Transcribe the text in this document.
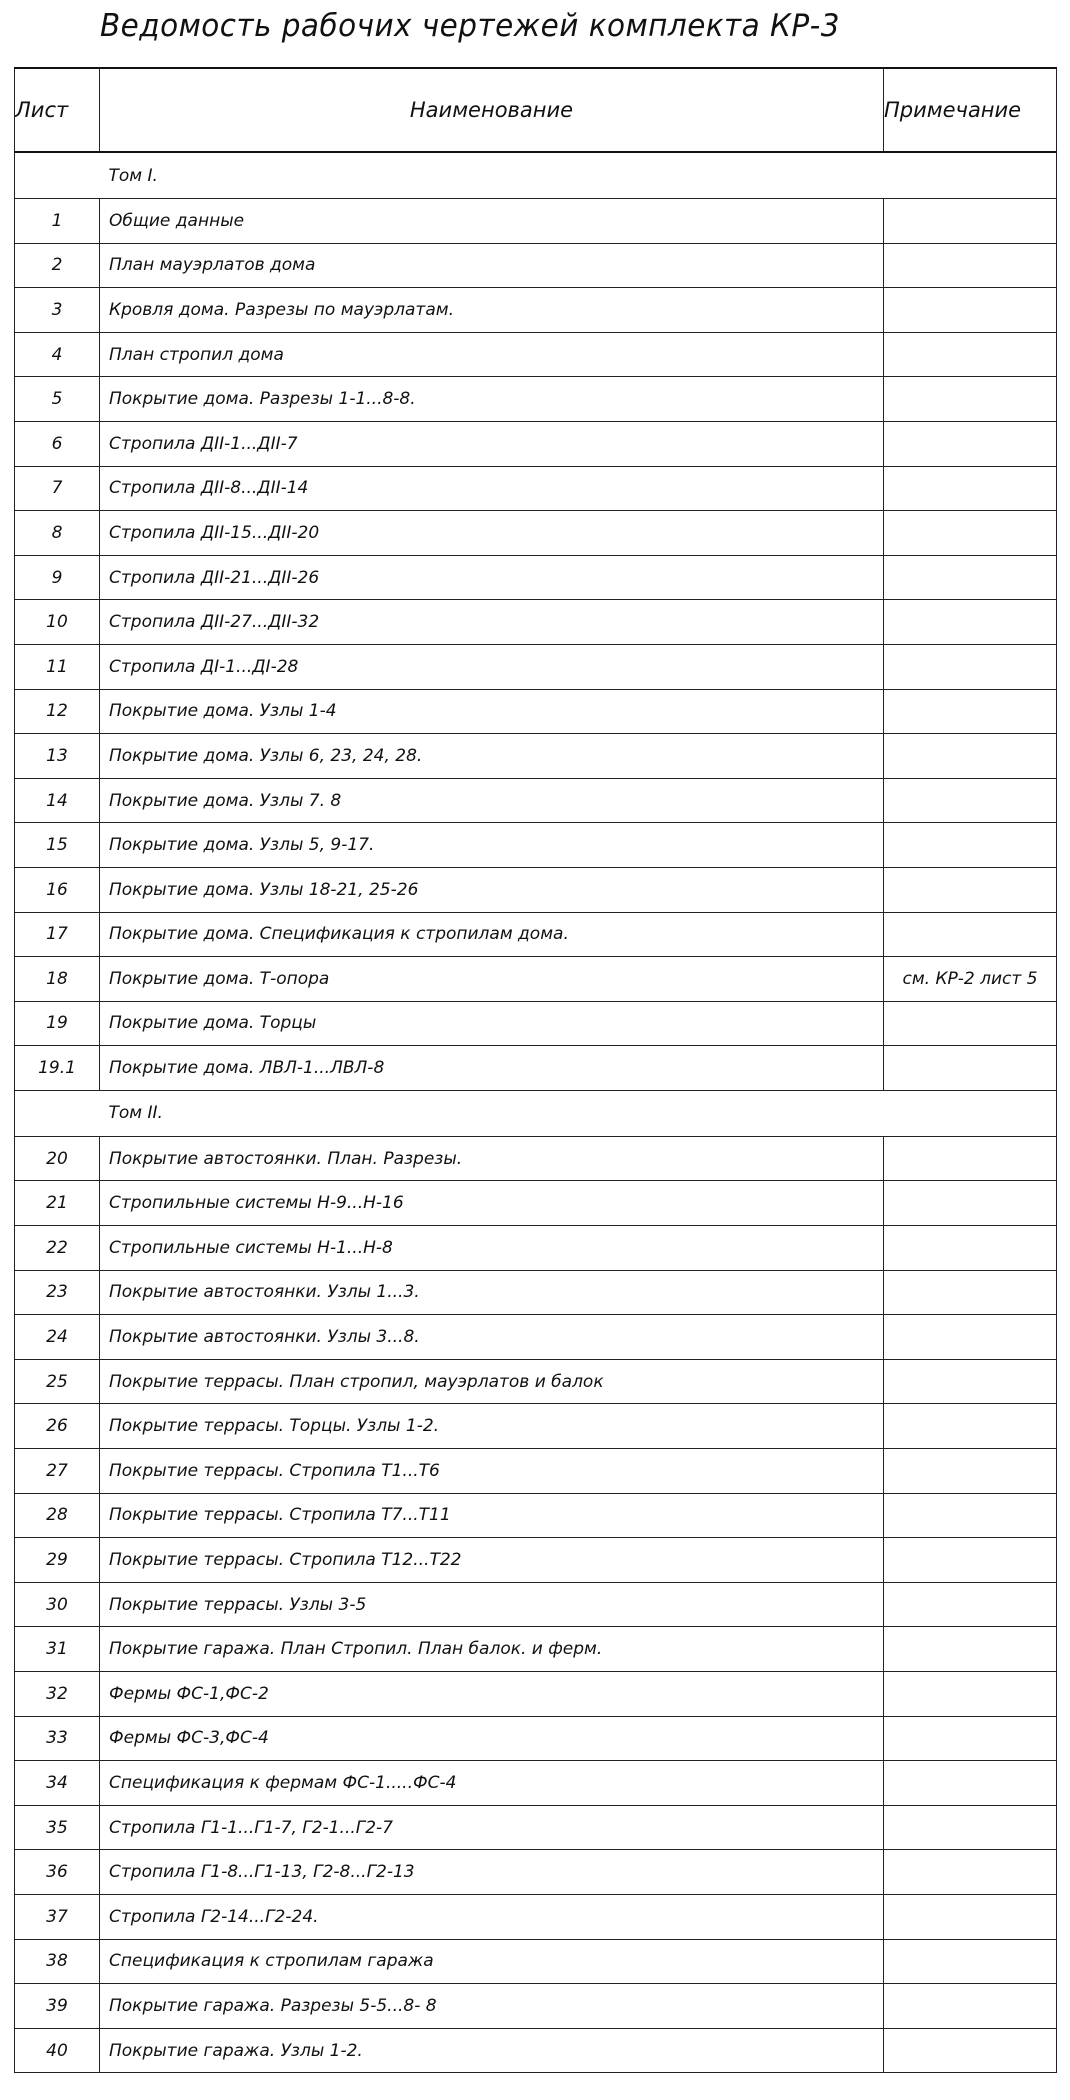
Ведомость рабочих чертежей комплекта КР-3
Лист	Наименование	Примечание
	Том I.	
1	Общие данные	
2	План мауэрлатов дома	
3	Кровля дома. Разрезы по мауэрлатам.	
4	План стропил дома	
5	Покрытие дома. Разрезы 1-1...8-8.	
6	Стропила ДII-1...ДII-7	
7	Стропила ДII-8...ДII-14	
8	Стропила ДII-15...ДII-20	
9	Стропила ДII-21...ДII-26	
10	Стропила ДII-27...ДII-32	
11	Стропила ДI-1...ДI-28	
12	Покрытие дома. Узлы 1-4	
13	Покрытие дома. Узлы 6, 23, 24, 28.	
14	Покрытие дома. Узлы 7. 8	
15	Покрытие дома. Узлы 5, 9-17.	
16	Покрытие дома. Узлы 18-21, 25-26	
17	Покрытие дома. Спецификация к стропилам дома.	
18	Покрытие дома. Т-опора	см. КР-2 лист 5
19	Покрытие дома. Торцы	
19.1	Покрытие дома. ЛВЛ-1...ЛВЛ-8	
	Том II.	
20	Покрытие автостоянки. План. Разрезы.	
21	Стропильные системы Н-9...Н-16	
22	Стропильные системы Н-1...Н-8	
23	Покрытие автостоянки. Узлы 1...3.	
24	Покрытие автостоянки. Узлы 3...8.	
25	Покрытие террасы. План стропил, мауэрлатов и балок	
26	Покрытие террасы. Торцы. Узлы 1-2.	
27	Покрытие террасы. Стропила Т1...Т6	
28	Покрытие террасы. Стропила Т7...Т11	
29	Покрытие террасы. Стропила Т12...Т22	
30	Покрытие террасы. Узлы 3-5	
31	Покрытие гаража. План Стропил. План балок. и ферм.	
32	Фермы ФС-1,ФС-2	
33	Фермы ФС-3,ФС-4	
34	Спецификация к фермам ФС-1.....ФС-4	
35	Стропила Г1-1...Г1-7, Г2-1...Г2-7	
36	Стропила Г1-8...Г1-13, Г2-8...Г2-13	
37	Стропила Г2-14...Г2-24.	
38	Спецификация к стропилам гаража	
39	Покрытие гаража. Разрезы 5-5...8- 8	
40	Покрытие гаража. Узлы 1-2.	
